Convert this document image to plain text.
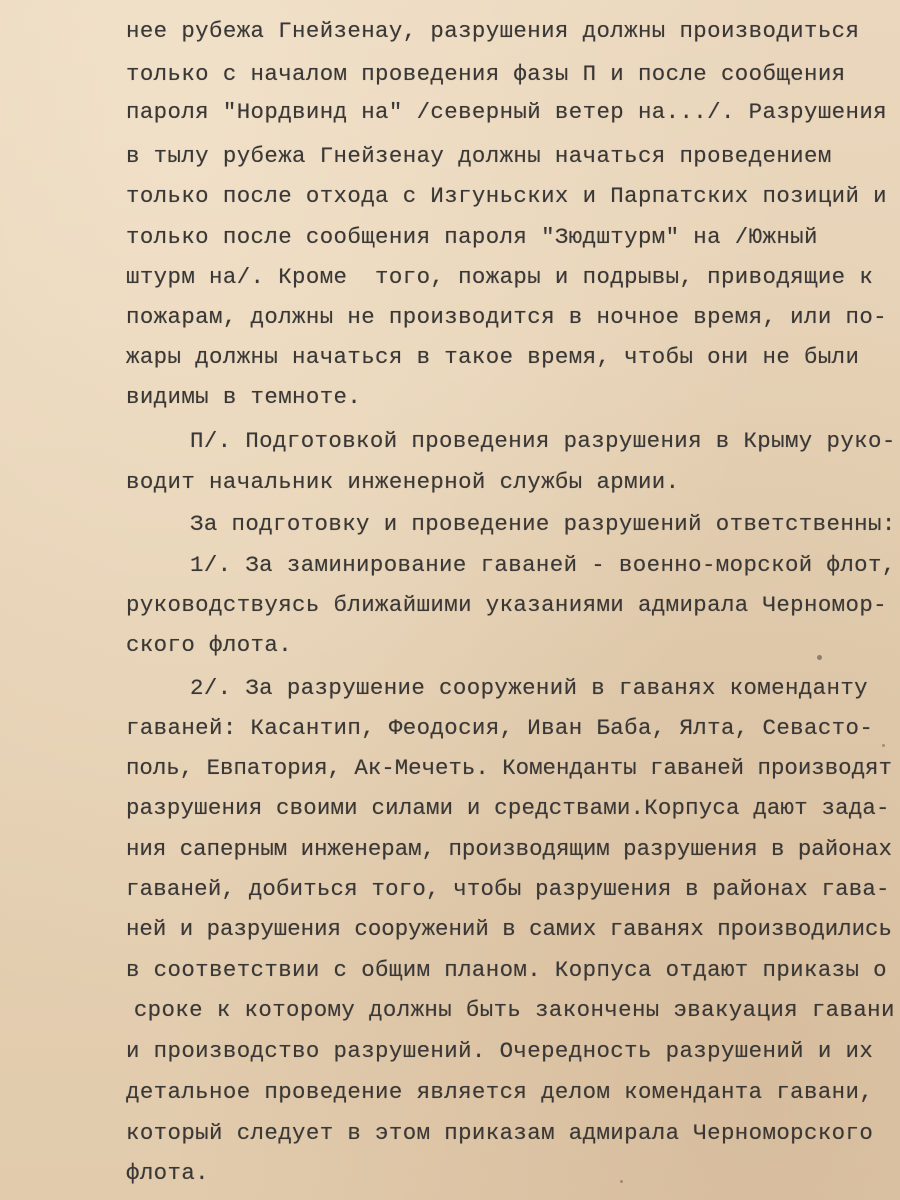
нее рубежа Гнейзенау, разрушения должны производиться
только с началом проведения фазы П и после сообщения
пароля "Нордвинд на" /северный ветер на.../. Разрушения
в тылу рубежа Гнейзенау должны начаться проведением
только после отхода с Изгуньских и Парпатских позиций и
только после сообщения пароля "Зюдштурм" на /Южный
штурм на/. Кроме  того, пожары и подрывы, приводящие к
пожарам, должны не производится в ночное время, или по-
жары должны начаться в такое время, чтобы они не были
видимы в темноте.
П/. Подготовкой проведения разрушения в Крыму руко-
водит начальник инженерной службы армии.
За подготовку и проведение разрушений ответственны:
1/. За заминирование гаваней - военно-морской флот,
руководствуясь ближайшими указаниями адмирала Черномор-
ского флота.
2/. За разрушение сооружений в гаванях коменданту
гаваней: Касантип, Феодосия, Иван Баба, Ялта, Севасто-
поль, Евпатория, Ак-Мечеть. Коменданты гаваней производят
разрушения своими силами и средствами.Корпуса дают зада-
ния саперным инженерам, производящим разрушения в районах
гаваней, добиться того, чтобы разрушения в районах гава-
ней и разрушения сооружений в самих гаванях производились
в соответствии с общим планом. Корпуса отдают приказы о
сроке к которому должны быть закончены эвакуация гавани
и производство разрушений. Очередность разрушений и их
детальное проведение является делом коменданта гавани,
который следует в этом приказам адмирала Черноморского
флота.
